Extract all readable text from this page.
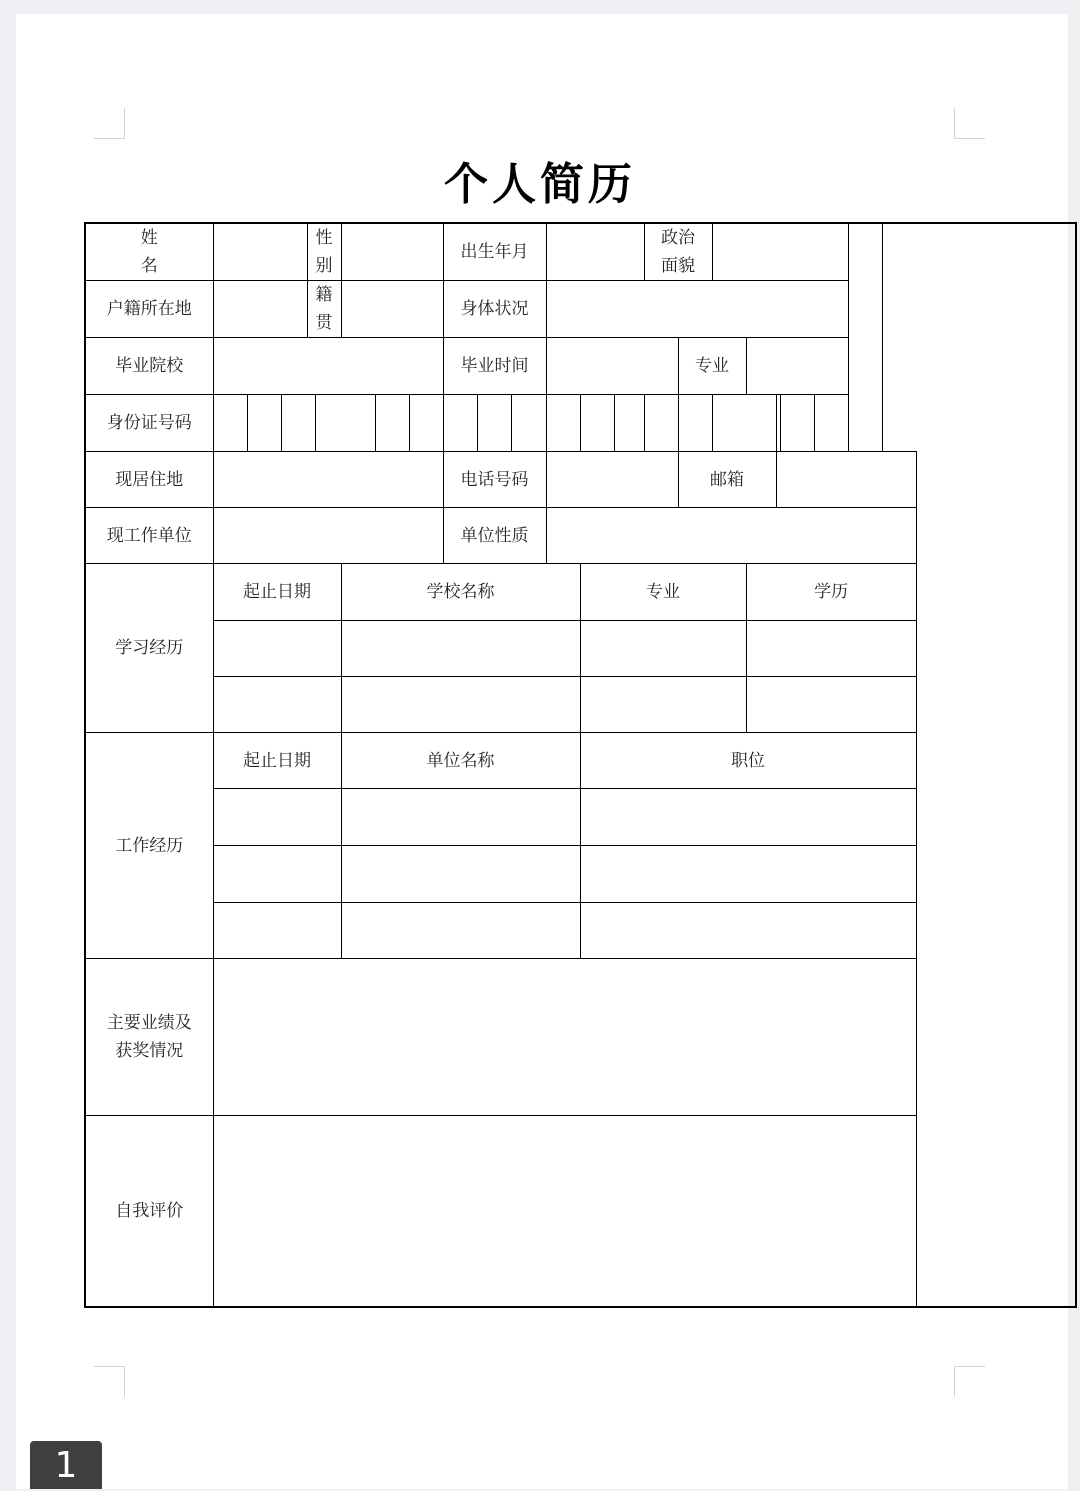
个人简历
姓　　名				性别					出生年月						政治
面貌							

户籍所在地				籍贯					身体状况													
毕业院校									毕业时间							专业						
身份证号码																						
现居住地									电话号码							邮箱						
现工作单位									单位性质													
学习经历	起止日期					学校名称							专业					学历				

工作经历	起止日期					单位名称							职位									

主要业绩及
获奖情况																						

自我评价																						
1
